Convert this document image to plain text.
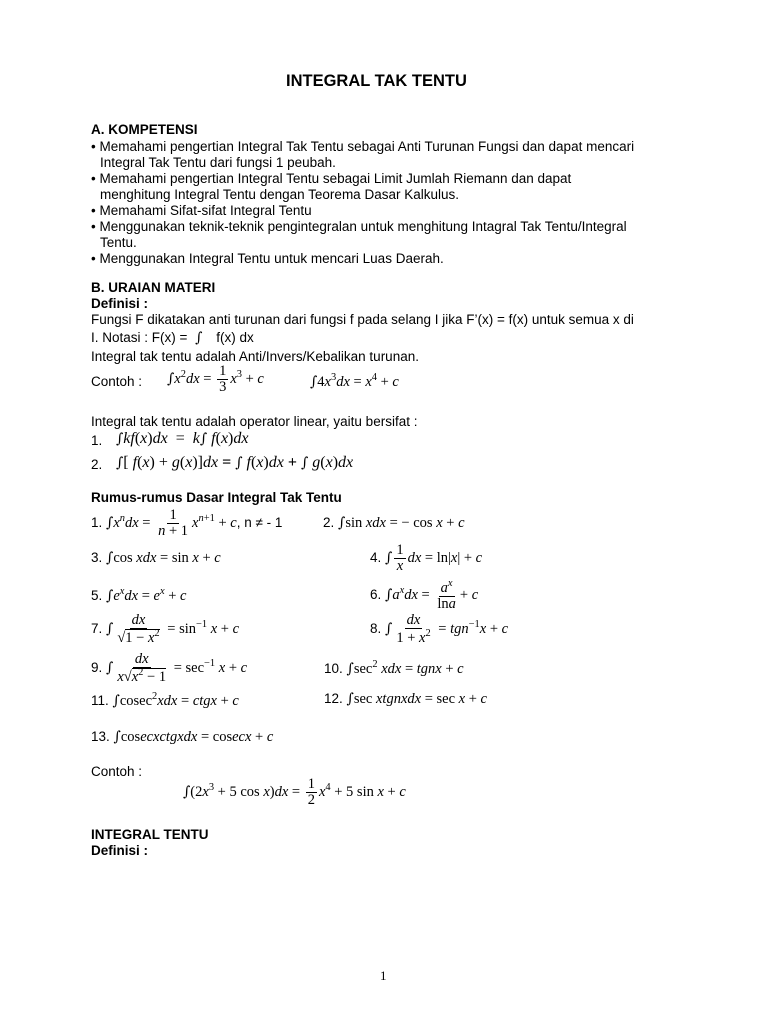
INTEGRAL TAK TENTU
A. KOMPETENSI
• Memahami pengertian Integral Tak Tentu sebagai Anti Turunan Fungsi dan dapat mencari
Integral Tak Tentu dari fungsi 1 peubah.
• Memahami pengertian Integral Tentu sebagai Limit Jumlah Riemann dan dapat
menghitung Integral Tentu dengan Teorema Dasar Kalkulus.
• Memahami Sifat-sifat Integral Tentu
• Menggunakan teknik-teknik pengintegralan untuk menghitung Intagral Tak Tentu/Integral
Tentu.
• Menggunakan Integral Tentu untuk mencari Luas Daerah.
B. URAIAN MATERI
Definisi :
Fungsi F dikatakan anti turunan dari fungsi f pada selang I jika F’(x) = f(x) untuk semua x di
I. Notasi : F(x) = ∫ f(x) dx
Integral tak tentu adalah Anti/Invers/Kebalikan turunan.
Contoh : $\int x^2dx = \frac{1}{3} x^3 + c$	$\int 4x^3dx = x^4 + c$
Integral tak tentu adalah operator linear, yaitu bersifat :
1. ∫kf(x)dx  =  k∫ f(x)dx
2. ∫[ f(x) + g(x)]dx = ∫ f(x)dx + ∫ g(x)dx
Rumus-rumus Dasar Integral Tak Tentu
1. $\int x^ndx = \frac{1}{n + 1} x^{n+1} + c$, n ≠ - 1	2. ∫sin xdx = − cos x + c
3. ∫cos xdx = sin x + c	4. ∫ $\frac{1}{x}$ dx = ln|x| + c
5. $\int e^xdx = e^x + c$	6. $\int a^xdx = \frac{a^x}{\ln a} + c$
7. ∫ $\frac{dx}{√1 - x^2} = \sin^{-1} x + c$	8. ∫ $\frac{dx}{1 + x^2} = tgn^{-1}x + c$
9. ∫ $\frac{dx}{x√x^2 - 1} = \sec^{-1} x + c$	10. $\int\sec^2$ xdx = tgnx + c
11. ∫cosec$^2$xdx = ctgx + c	12. ∫sec xtgnxdx = sec x + c
13. ∫cosecxctgxdx = cosecx + c
Contoh :
$\int(2x^3 + 5$ $\cos x)dx = \frac{1}{2} x^4 + 5$ sin x + c
INTEGRAL TENTU
Definisi :
1
